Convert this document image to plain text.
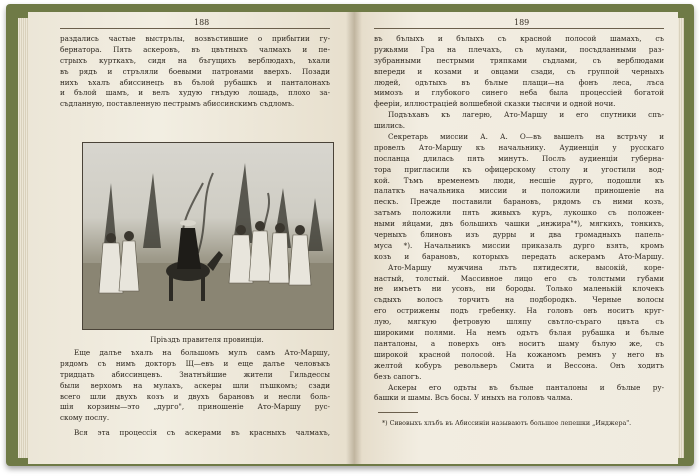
188
раздались частые выстрълы, возвъстившие о прибытии гу-
бернатора. Пять аскеровъ, въ цвътныхъ чалмахъ и пе-
стрыхъ курткахъ, сидя на бъгущихъ верблюдахъ, ъхали
въ рядъ и стръляли боевыми патронами вверхъ. Позади
нихъ ъхалъ абиссинецъ въ бълой рубашкъ и панталонахъ
и бълой шамъ, и велъ худую гнъдую лошадь, плохо за-
съдланную, поставленную пестрымъ абиссинскимъ съдломъ.
Прiъздъ правителя провинцiи.
Еще далъе ъхалъ на большомъ мулъ самъ Ато-Маршу,
рядомъ съ нимъ докторъ Щ—евъ и еще далъе человъкъ
тридцать абиссинцевъ. Знатнъйшие жители Гильдессы
были верхомъ на мулахъ, аскеры шли пъшкомъ; сзади
всего шли двухъ козъ и двухъ барановъ и несли боль-
шiя корзины—это „дурго", приношенiе Ато-Маршу рус-
скому послу.
Вся эта процессiя съ аскерами въ красныхъ чалмахъ,
189
въ бълыхъ и бълыхъ съ красной полосой шамахъ, съ
ружьями Гра на плечахъ, съ мулами, посъдланными раз-
зубранными пестрыми тряпками съдлами, съ верблюдами
впереди и козами и овцами сзади, съ группой черныхъ
людей, одътыхъ въ бълые плащи—на фонъ леса, лъса
мимозъ и глубокого синего неба была процессiей богатой
феерiи, иллюстрацiей волшебной сказки тысячи и одной ночи.
Подъъхавъ къ лагерю, Ато-Маршу и его спутники спъ-
шились.
Секретарь миссии А. А. О—въ вышелъ на встръчу и
провелъ Ато-Маршу къ начальнику. Аудиенцiя у русскаго
посланца длилась пять минутъ. Послъ аудиенцiи губерна-
тора пригласили къ офицерскому столу и угостили вод-
кой. Тъмъ временемъ люди, несшiе дурго, подошли къ
палаткъ начальника миссии и положили приношенiе на
пескъ. Прежде поставили барановъ, рядомъ съ ними козъ,
затъмъ положили пять живыхъ куръ, лукошко съ положен-
ными яйцами, двъ большихъ чашки „инжира"*), мягкихъ, тонкихъ,
черныхъ блиновъ изъ дурры и два громадныхъ папель-
муса *). Начальникъ миссии приказалъ дурго взять, кромъ
козъ и барановъ, которыхъ передать аскерамъ Ато-Маршу.
Ато-Маршу мужчина лътъ пятидесяти, высокiй, коре-
настый, толстый. Массивное лицо его съ толстыми губами
не имъетъ ни усовъ, ни бороды. Только маленькiй клочекъ
съдыхъ волосъ торчитъ на подбородкъ. Черные волосы
его острижены подъ гребенку. На головъ онъ носитъ круг-
лую, мягкую фетровую шляпу свътло-съраго цвъта съ
широкими полями. На немъ одътъ бълая рубашка и бълые
панталоны, а поверхъ онъ носитъ шаму бълую же, съ
широкой красной полосой. На кожаномъ ремнъ у него въ
желтой кобуръ револьверъ Смита и Вессона. Онъ ходитъ
безъ сапогъ.
Аскеры его одъты въ бълые панталоны и бълые ру-
башки и шамы. Всъ босы. У иныхъ на головъ чалма.
*) Сивовыхъ хлъбъ въ Абиссинiи называютъ большое лепешки „Инджера".
